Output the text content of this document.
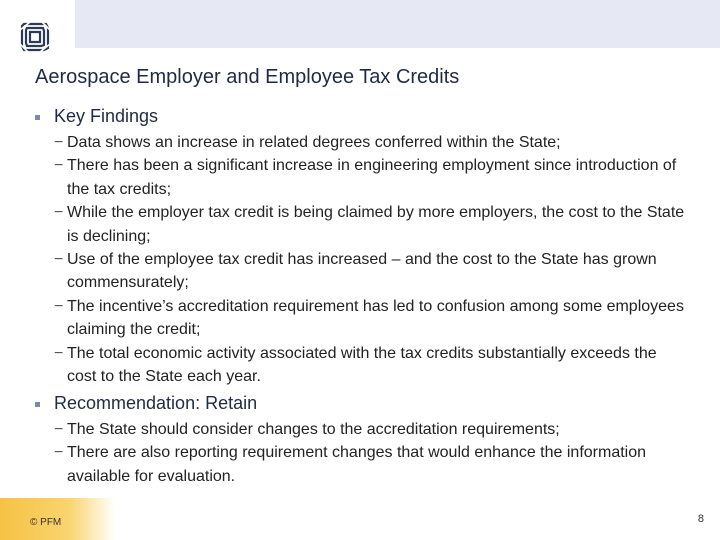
Aerospace Employer and Employee Tax Credits
Key Findings
− Data shows an increase in related degrees conferred within the State;
− There has been a significant increase in engineering employment since introduction of the tax credits;
− While the employer tax credit is being claimed by more employers, the cost to the State is declining;
− Use of the employee tax credit has increased – and the cost to the State has grown commensurately;
− The incentive’s accreditation requirement has led to confusion among some employees claiming the credit;
− The total economic activity associated with the tax credits substantially exceeds the cost to the State each year.
Recommendation: Retain
− The State should consider changes to the accreditation requirements;
− There are also reporting requirement changes that would enhance the information available for evaluation.
© PFM	8
